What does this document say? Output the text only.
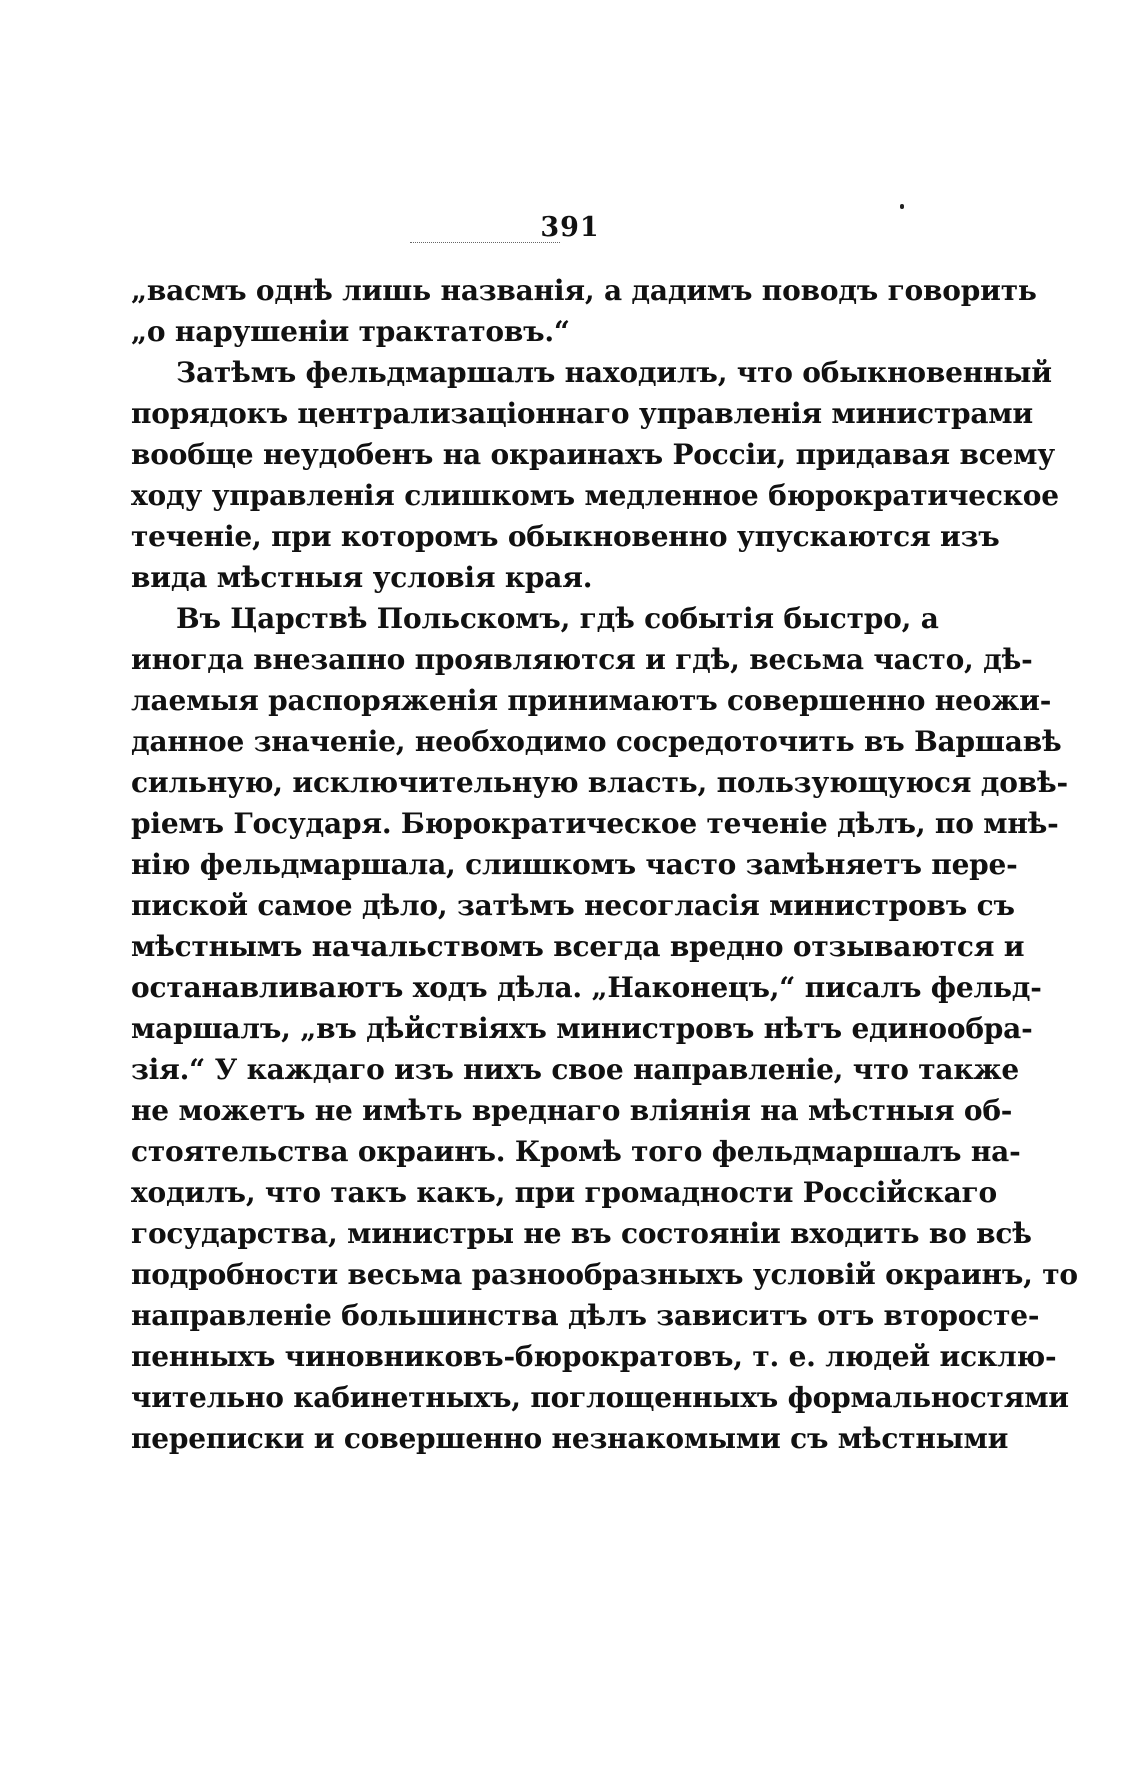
391
„васмъ однѣ лишь названія, а дадимъ поводъ говорить
„о нарушеніи трактатовъ.“
Затѣмъ фельдмаршалъ находилъ, что обыкновенный
порядокъ централизаціоннаго управленія министрами
вообще неудобенъ на окраинахъ Россіи, придавая всему
ходу управленія слишкомъ медленное бюрократическое
теченіе, при которомъ обыкновенно упускаются изъ
вида мѣстныя условія края.
Въ Царствѣ Польскомъ, гдѣ событія быстро, а
иногда внезапно проявляются и гдѣ, весьма часто, дѣ-
лаемыя распоряженія принимаютъ совершенно неожи-
данное значеніе, необходимо сосредоточить въ Варшавѣ
сильную, исключительную власть, пользующуюся довѣ-
ріемъ Государя. Бюрократическое теченіе дѣлъ, по мнѣ-
нію фельдмаршала, слишкомъ часто замѣняетъ пере-
пиской самое дѣло, затѣмъ несогласія министровъ съ
мѣстнымъ начальствомъ всегда вредно отзываются и
останавливаютъ ходъ дѣла. „Наконецъ,“ писалъ фельд-
маршалъ, „въ дѣйствіяхъ министровъ нѣтъ единообра-
зія.“ У каждаго изъ нихъ свое направленіе, что также
не можетъ не имѣть вреднаго вліянія на мѣстныя об-
стоятельства окраинъ. Кромѣ того фельдмаршалъ на-
ходилъ, что такъ какъ, при громадности Россійскаго
государства, министры не въ состояніи входить во всѣ
подробности весьма разнообразныхъ условій окраинъ, то
направленіе большинства дѣлъ зависитъ отъ второсте-
пенныхъ чиновниковъ-бюрократовъ, т. е. людей исклю-
чительно кабинетныхъ, поглощенныхъ формальностями
переписки и совершенно незнакомыми съ мѣстными
